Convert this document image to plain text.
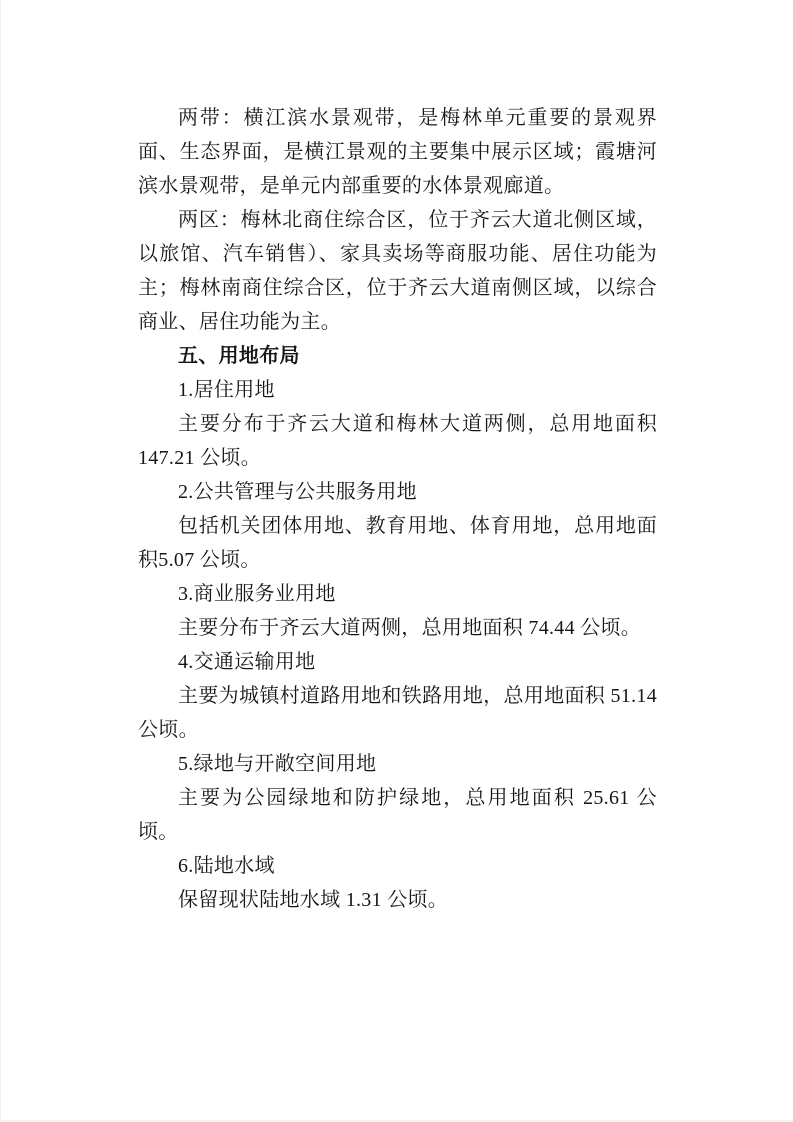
两带：横江滨水景观带，是梅林单元重要的景观界面、生态界面，是横江景观的主要集中展示区域；霞塘河滨水景观带，是单元内部重要的水体景观廊道。

两区：梅林北商住综合区，位于齐云大道北侧区域，以旅馆、汽车销售）、家具卖场等商服功能、居住功能为主；梅林南商住综合区，位于齐云大道南侧区域，以综合商业、居住功能为主。

五、用地布局

1.居住用地

主要分布于齐云大道和梅林大道两侧，总用地面积147.21 公顷。

2.公共管理与公共服务用地

包括机关团体用地、教育用地、体育用地，总用地面积5.07 公顷。

3.商业服务业用地

主要分布于齐云大道两侧，总用地面积 74.44 公顷。

4.交通运输用地

主要为城镇村道路用地和铁路用地，总用地面积 51.14 公顷。

5.绿地与开敞空间用地

主要为公园绿地和防护绿地，总用地面积 25.61 公顷。

6.陆地水域

保留现状陆地水域 1.31 公顷。
